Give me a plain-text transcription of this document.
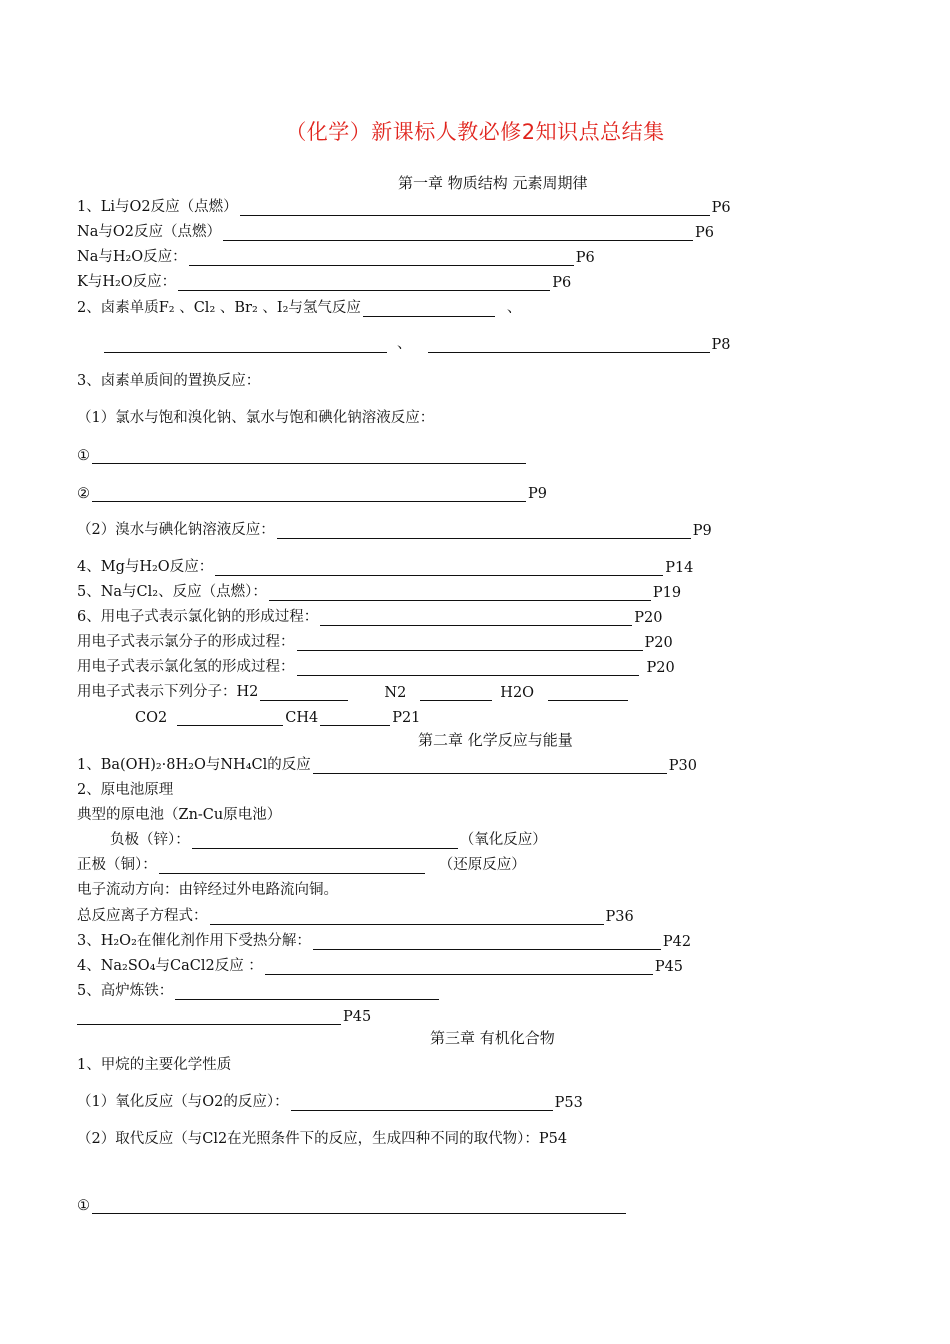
（化学）新课标人教必修2知识点总结集
第一章 物质结构 元素周期律
1、Li与O2反应（点燃）	P6
Na与O2反应（点燃）	P6
Na与H₂O反应：	P6
K与H₂O反应：	P6
2、卤素单质F₂ 、Cl₂ 、Br₂ 、I₂与氢气反应	、
、	P8
3、卤素单质间的置换反应：
（1）氯水与饱和溴化钠、氯水与饱和碘化钠溶液反应：
①
②	P9
（2）溴水与碘化钠溶液反应：	P9
4、Mg与H₂O反应：	P14
5、Na与Cl₂、反应（点燃）：	P19
6、用电子式表示氯化钠的形成过程：	P20
用电子式表示氯分子的形成过程：	P20
用电子式表示氯化氢的形成过程：	P20
用电子式表示下列分子：H2	N2	H2O
CO2	CH4	P21
第二章 化学反应与能量
1、Ba(OH)₂·8H₂O与NH₄Cl的反应	P30
2、原电池原理
典型的原电池（Zn-Cu原电池）
负极（锌）：	（氧化反应）
正极（铜）：	（还原反应）
电子流动方向：由锌经过外电路流向铜。
总反应离子方程式：	P36
3、H₂O₂在催化剂作用下受热分解：	P42
4、Na₂SO₄与CaCl2反应 ：	P45
5、高炉炼铁：
P45
第三章 有机化合物
1、甲烷的主要化学性质
（1）氧化反应（与O2的反应）：	P53
（2）取代反应（与Cl2在光照条件下的反应，生成四种不同的取代物）：P54
①
